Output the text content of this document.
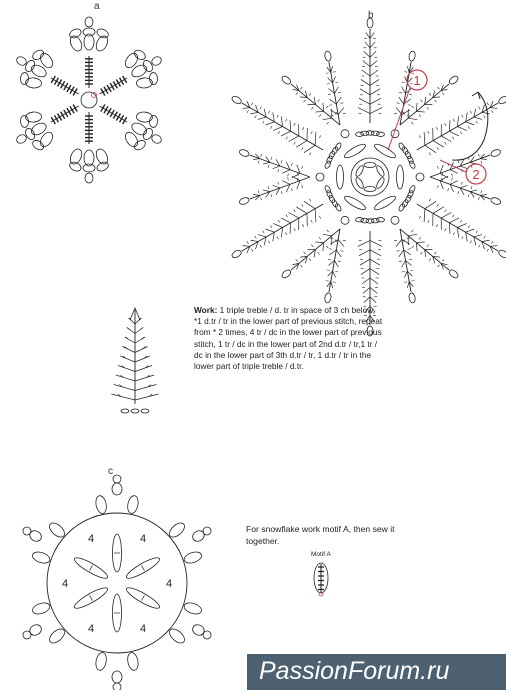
4
4
4
4
4
4
1
2
a
b
c
Work: 1 triple treble / d. tr in space of 3 ch below, *1 d.tr / tr in the lower part of previous stitch, repeat from * 2 times, 4 tr / dc in the lower part of previous stitch, 1 tr / dc in the lower part of 2nd d.tr / tr,1 tr / dc in the lower part of 3th d.tr / tr, 1 d.tr / tr in the lower part of triple treble / d.tr.
For snowflake work motif A, then sew it together.
Motif A
PassionForum.ru
